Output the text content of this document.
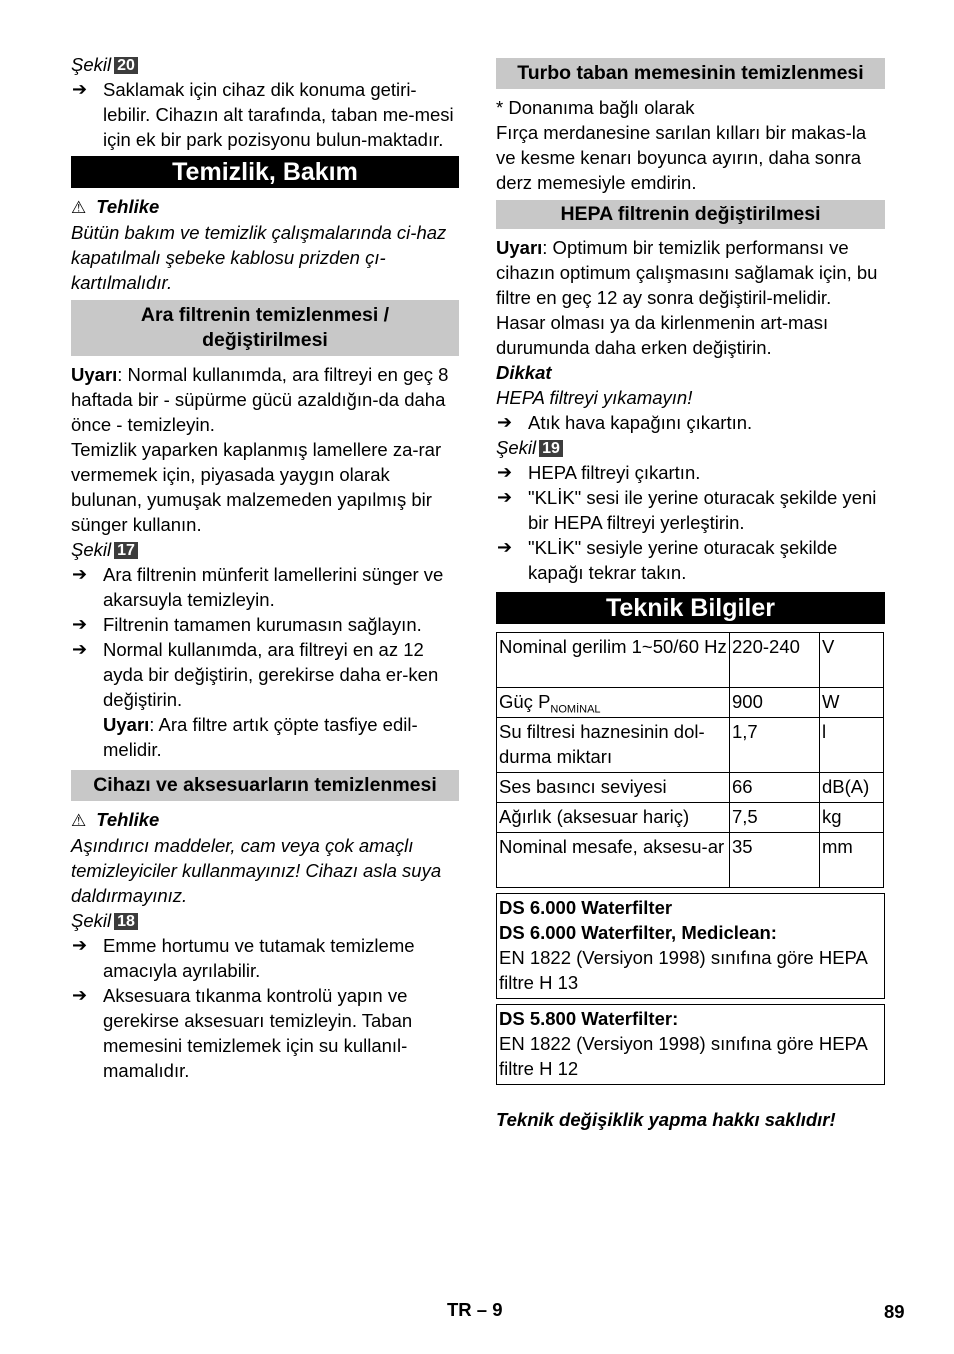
Şekil 20

➔ Saklamak için cihaz dik konuma getiri-lebilir. Cihazın alt tarafında, taban me-mesi için ek bir park pozisyonu bulun-maktadır.
Temizlik, Bakım

⚠ Tehlike

Bütün bakım ve temizlik çalışmalarında ci-haz kapatılmalı şebeke kablosu prizden çı-kartılmalıdır.

Ara filtrenin temizlenmesi / değiştirilmesi

Uyarı: Normal kullanımda, ara filtreyi en geç 8 haftada bir - süpürme gücü azaldığın-da daha önce - temizleyin.

Temizlik yaparken kaplanmış lamellere za-rar vermemek için, piyasada yaygın olarak bulunan, yumuşak malzemeden yapılmış bir sünger kullanın.

Şekil 17

➔ Ara filtrenin münferit lamellerini sünger ve akarsuyla temizleyin.
➔ Filtrenin tamamen kurumasın sağlayın.
➔ Normal kullanımda, ara filtreyi en az 12 ayda bir değiştirin, gerekirse daha er-ken değiştirin.
Uyarı: Ara filtre artık çöpte tasfiye edil-melidir.
Cihazı ve aksesuarların temizlenmesi

⚠ Tehlike

Aşındırıcı maddeler, cam veya çok amaçlı temizleyiciler kullanmayınız! Cihazı asla suya daldırmayınız.

Şekil 18

➔ Emme hortumu ve tutamak temizleme amacıyla ayrılabilir.
➔ Aksesuara tıkanma kontrolü yapın ve gerekirse aksesuarı temizleyin. Taban memesini temizlemek için su kullanıl-mamalıdır.
Turbo taban memesinin temizlenmesi

* Donanıma bağlı olarak

Fırça merdanesine sarılan kılları bir makas-la ve kesme kenarı boyunca ayırın, daha sonra derz memesiyle emdirin.

HEPA filtrenin değiştirilmesi

Uyarı: Optimum bir temizlik performansı ve cihazın optimum çalışmasını sağlamak için, bu filtre en geç 12 ay sonra değiştiril-melidir. Hasar olması ya da kirlenmenin art-ması durumunda daha erken değiştirin.

Dikkat

HEPA filtreyi yıkamayın!

➔ Atık hava kapağını çıkartın.

Şekil 19

➔ HEPA filtreyi çıkartın.
➔ "KLİK" sesi ile yerine oturacak şekilde yeni bir HEPA filtreyi yerleştirin.
➔ "KLİK" sesiyle yerine oturacak şekilde kapağı tekrar takın.
Teknik Bilgiler
Nominal gerilim 1~50/60 Hz	220-240	V
Güç $P_{NOMİNAL}$	900	W
Su filtresi haznesinin dol-durma miktarı	1,7	l
Ses basıncı seviyesi	66	dB(A)
Ağırlık (aksesuar hariç)	7,5	kg
Nominal mesafe, aksesu-ar	35	mm

DS 6.000 Waterfilter

DS 6.000 Waterfilter, Mediclean:

EN 1822 (Versiyon 1998) sınıfına göre HEPA filtre H 13

DS 5.800 Waterfilter:

EN 1822 (Versiyon 1998) sınıfına göre HEPA filtre H 12

Teknik değişiklik yapma hakkı saklıdır!

TR – 9	89
